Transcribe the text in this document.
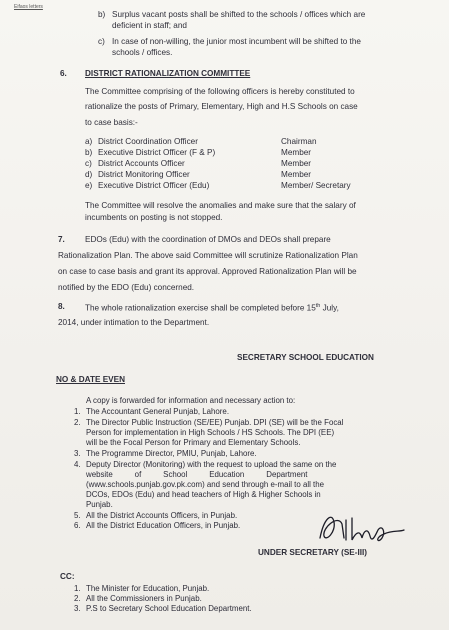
Eifaos letters
b) Surplus vacant posts shall be shifted to the schools / offices which are
deficient in staff; and
c) In case of non-willing, the junior most incumbent will be shifted to the
schools / offices.
6. DISTRICT RATIONALIZATION COMMITTEE
The Committee comprising of the following officers is hereby constituted to
rationalize the posts of Primary, Elementary, High and H.S Schools on case
to case basis:-
a) District Coordination Officer	Chairman
b) Executive District Officer (F & P)	Member
c) District Accounts Officer	Member
d) District Monitoring Officer	Member
e) Executive District Officer (Edu)	Member/ Secretary
The Committee will resolve the anomalies and make sure that the salary of
incumbents on posting is not stopped.
7. EDOs (Edu) with the coordination of DMOs and DEOs shall prepare
Rationalization Plan. The above said Committee will scrutinize Rationalization Plan
on case to case basis and grant its approval. Approved Rationalization Plan will be
notified by the EDO (Edu) concerned.
8. The whole rationalization exercise shall be completed before 15th July,
2014, under intimation to the Department.
SECRETARY SCHOOL EDUCATION
NO & DATE EVEN
A copy is forwarded for information and necessary action to:
1. The Accountant General Punjab, Lahore.
2. The Director Public Instruction (SE/EE) Punjab. DPI (SE) will be the Focal
Person for implementation in High Schools / HS Schools. The DPI (EE)
will be the Focal Person for Primary and Elementary Schools.
3. The Programme Director, PMIU, Punjab, Lahore.
4. Deputy Director (Monitoring) with the request to upload the same on the
website          of          School          Education          Department
(www.schools.punjab.gov.pk.com) and send through e-mail to all the
DCOs, EDOs (Edu) and head teachers of High & Higher Schools in
Punjab.
5. All the District Accounts Officers, in Punjab.
6. All the District Education Officers, in Punjab.
UNDER SECRETARY (SE-III)
CC:
1. The Minister for Education, Punjab.
2. All the Commissioners in Punjab.
3. P.S to Secretary School Education Department.
